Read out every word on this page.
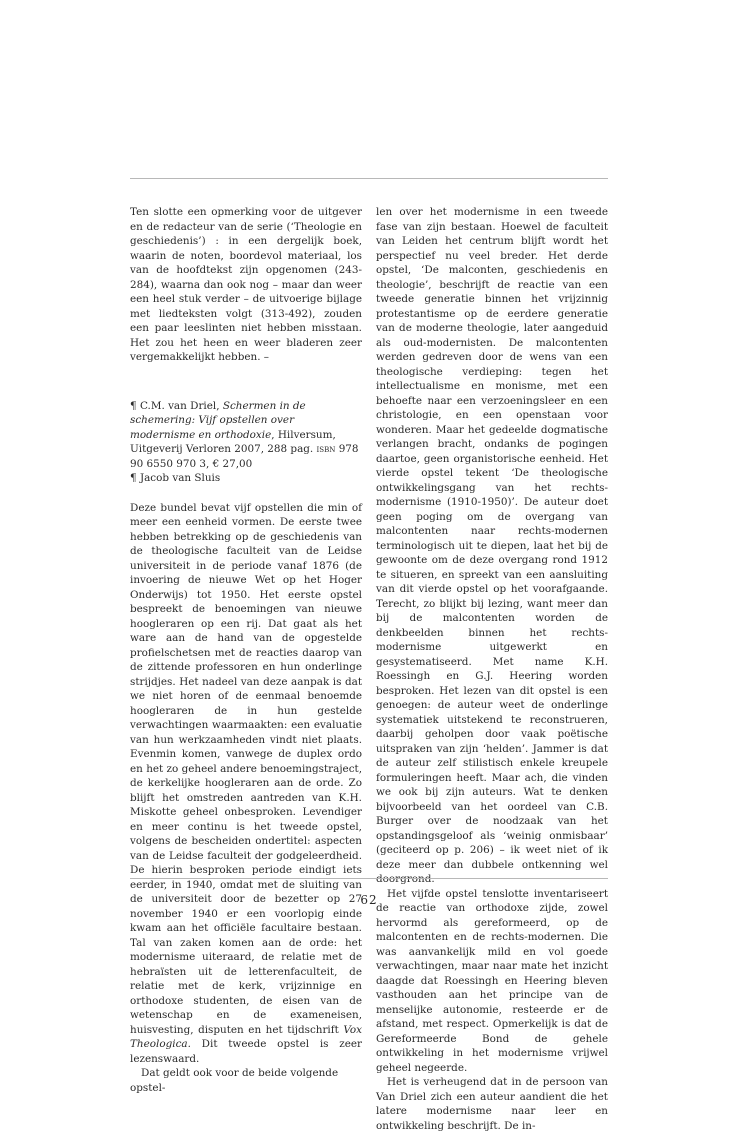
Ten slotte een opmerking voor de uitgever en de redacteur van de serie (‘Theologie en geschiedenis’) : in een dergelijk boek, waarin de noten, boordevol materiaal, los van de hoofdtekst zijn opgenomen (243-284), waarna dan ook nog – maar dan weer een heel stuk verder – de uitvoerige bijlage met liedteksten volgt (313-492), zouden een paar leeslinten niet hebben misstaan. Het zou het heen en weer bladeren zeer vergemakkelijkt hebben. –

¶ C.M. van Driel, Schermen in de schemering: Vijf opstellen over modernisme en orthodoxie, Hilversum, Uitgeverij Verloren 2007, 288 pag. isbn 978 90 6550 970 3, € 27,00
¶ Jacob van Sluis

Deze bundel bevat vijf opstellen die min of meer een eenheid vormen. De eerste twee hebben betrekking op de geschiedenis van de theologische faculteit van de Leidse universiteit in de periode vanaf 1876 (de invoering de nieuwe Wet op het Hoger Onderwijs) tot 1950. Het eerste opstel bespreekt de benoemingen van nieuwe hoogleraren op een rij. Dat gaat als het ware aan de hand van de opgestelde profielschetsen met de reacties daarop van de zittende professoren en hun onderlinge strijdjes. Het nadeel van deze aanpak is dat we niet horen of de eenmaal benoemde hoogleraren de in hun gestelde verwachtingen waarmaakten: een evaluatie van hun werkzaamheden vindt niet plaats. Evenmin komen, vanwege de duplex ordo en het zo geheel andere benoemingstraject, de kerkelijke hoogleraren aan de orde. Zo blijft het omstreden aantreden van K.H. Miskotte geheel onbesproken. Levendiger en meer continu is het tweede opstel, volgens de bescheiden ondertitel: aspecten van de Leidse faculteit der godgeleerdheid. De hierin besproken periode eindigt iets eerder, in 1940, omdat met de sluiting van de universiteit door de bezetter op 27 november 1940 er een voorlopig einde kwam aan het officiële facultaire bestaan. Tal van zaken komen aan de orde: het modernisme uiteraard, de relatie met de hebraïsten uit de letterenfaculteit, de relatie met de kerk, vrijzinnige en orthodoxe studenten, de eisen van de wetenschap en de exameneisen, huisvesting, disputen en het tijdschrift Vox Theologica. Dit tweede opstel is zeer lezenswaard.

Dat geldt ook voor de beide volgende opstel-

len over het modernisme in een tweede fase van zijn bestaan. Hoewel de faculteit van Leiden het centrum blijft wordt het perspectief nu veel breder. Het derde opstel, ‘De malconten, geschiedenis en theologie’, beschrijft de reactie van een tweede generatie binnen het vrijzinnig protestantisme op de eerdere generatie van de moderne theologie, later aangeduid als oud-modernisten. De malcontenten werden gedreven door de wens van een theologische verdieping: tegen het intellectualisme en monisme, met een behoefte naar een verzoeningsleer en een christologie, en een openstaan voor wonderen. Maar het gedeelde dogmatische verlangen bracht, ondanks de pogingen daartoe, geen organistorische eenheid. Het vierde opstel tekent ‘De theologische ontwikkelingsgang van het rechts-modernisme (1910-1950)’. De auteur doet geen poging om de overgang van malcontenten naar rechts-modernen terminologisch uit te diepen, laat het bij de gewoonte om de deze overgang rond 1912 te situeren, en spreekt van een aansluiting van dit vierde opstel op het voorafgaande. Terecht, zo blijkt bij lezing, want meer dan bij de malcontenten worden de denkbeelden binnen het rechts-modernisme uitgewerkt en gesystematiseerd. Met name K.H. Roessingh en G.J. Heering worden besproken. Het lezen van dit opstel is een genoegen: de auteur weet de onderlinge systematiek uitstekend te reconstrueren, daarbij geholpen door vaak poëtische uitspraken van zijn ‘helden’. Jammer is dat de auteur zelf stilistisch enkele kreupele formuleringen heeft. Maar ach, die vinden we ook bij zijn auteurs. Wat te denken bijvoorbeeld van het oordeel van C.B. Burger over de noodzaak van het opstandingsgeloof als ‘weinig onmisbaar’ (geciteerd op p. 206) – ik weet niet of ik deze meer dan dubbele ontkenning wel doorgrond.

Het vijfde opstel tenslotte inventariseert de reactie van orthodoxe zijde, zowel hervormd als gereformeerd, op de malcontenten en de rechts-modernen. Die was aanvankelijk mild en vol goede verwachtingen, maar naar mate het inzicht daagde dat Roessingh en Heering bleven vasthouden aan het principe van de menselijke autonomie, resteerde er de afstand, met respect. Opmerkelijk is dat de Gereformeerde Bond de gehele ontwikkeling in het modernisme vrijwel geheel negeerde.

Het is verheugend dat in de persoon van Van Driel zich een auteur aandient die het latere modernisme naar leer en ontwikkeling beschrijft. De in-

62
